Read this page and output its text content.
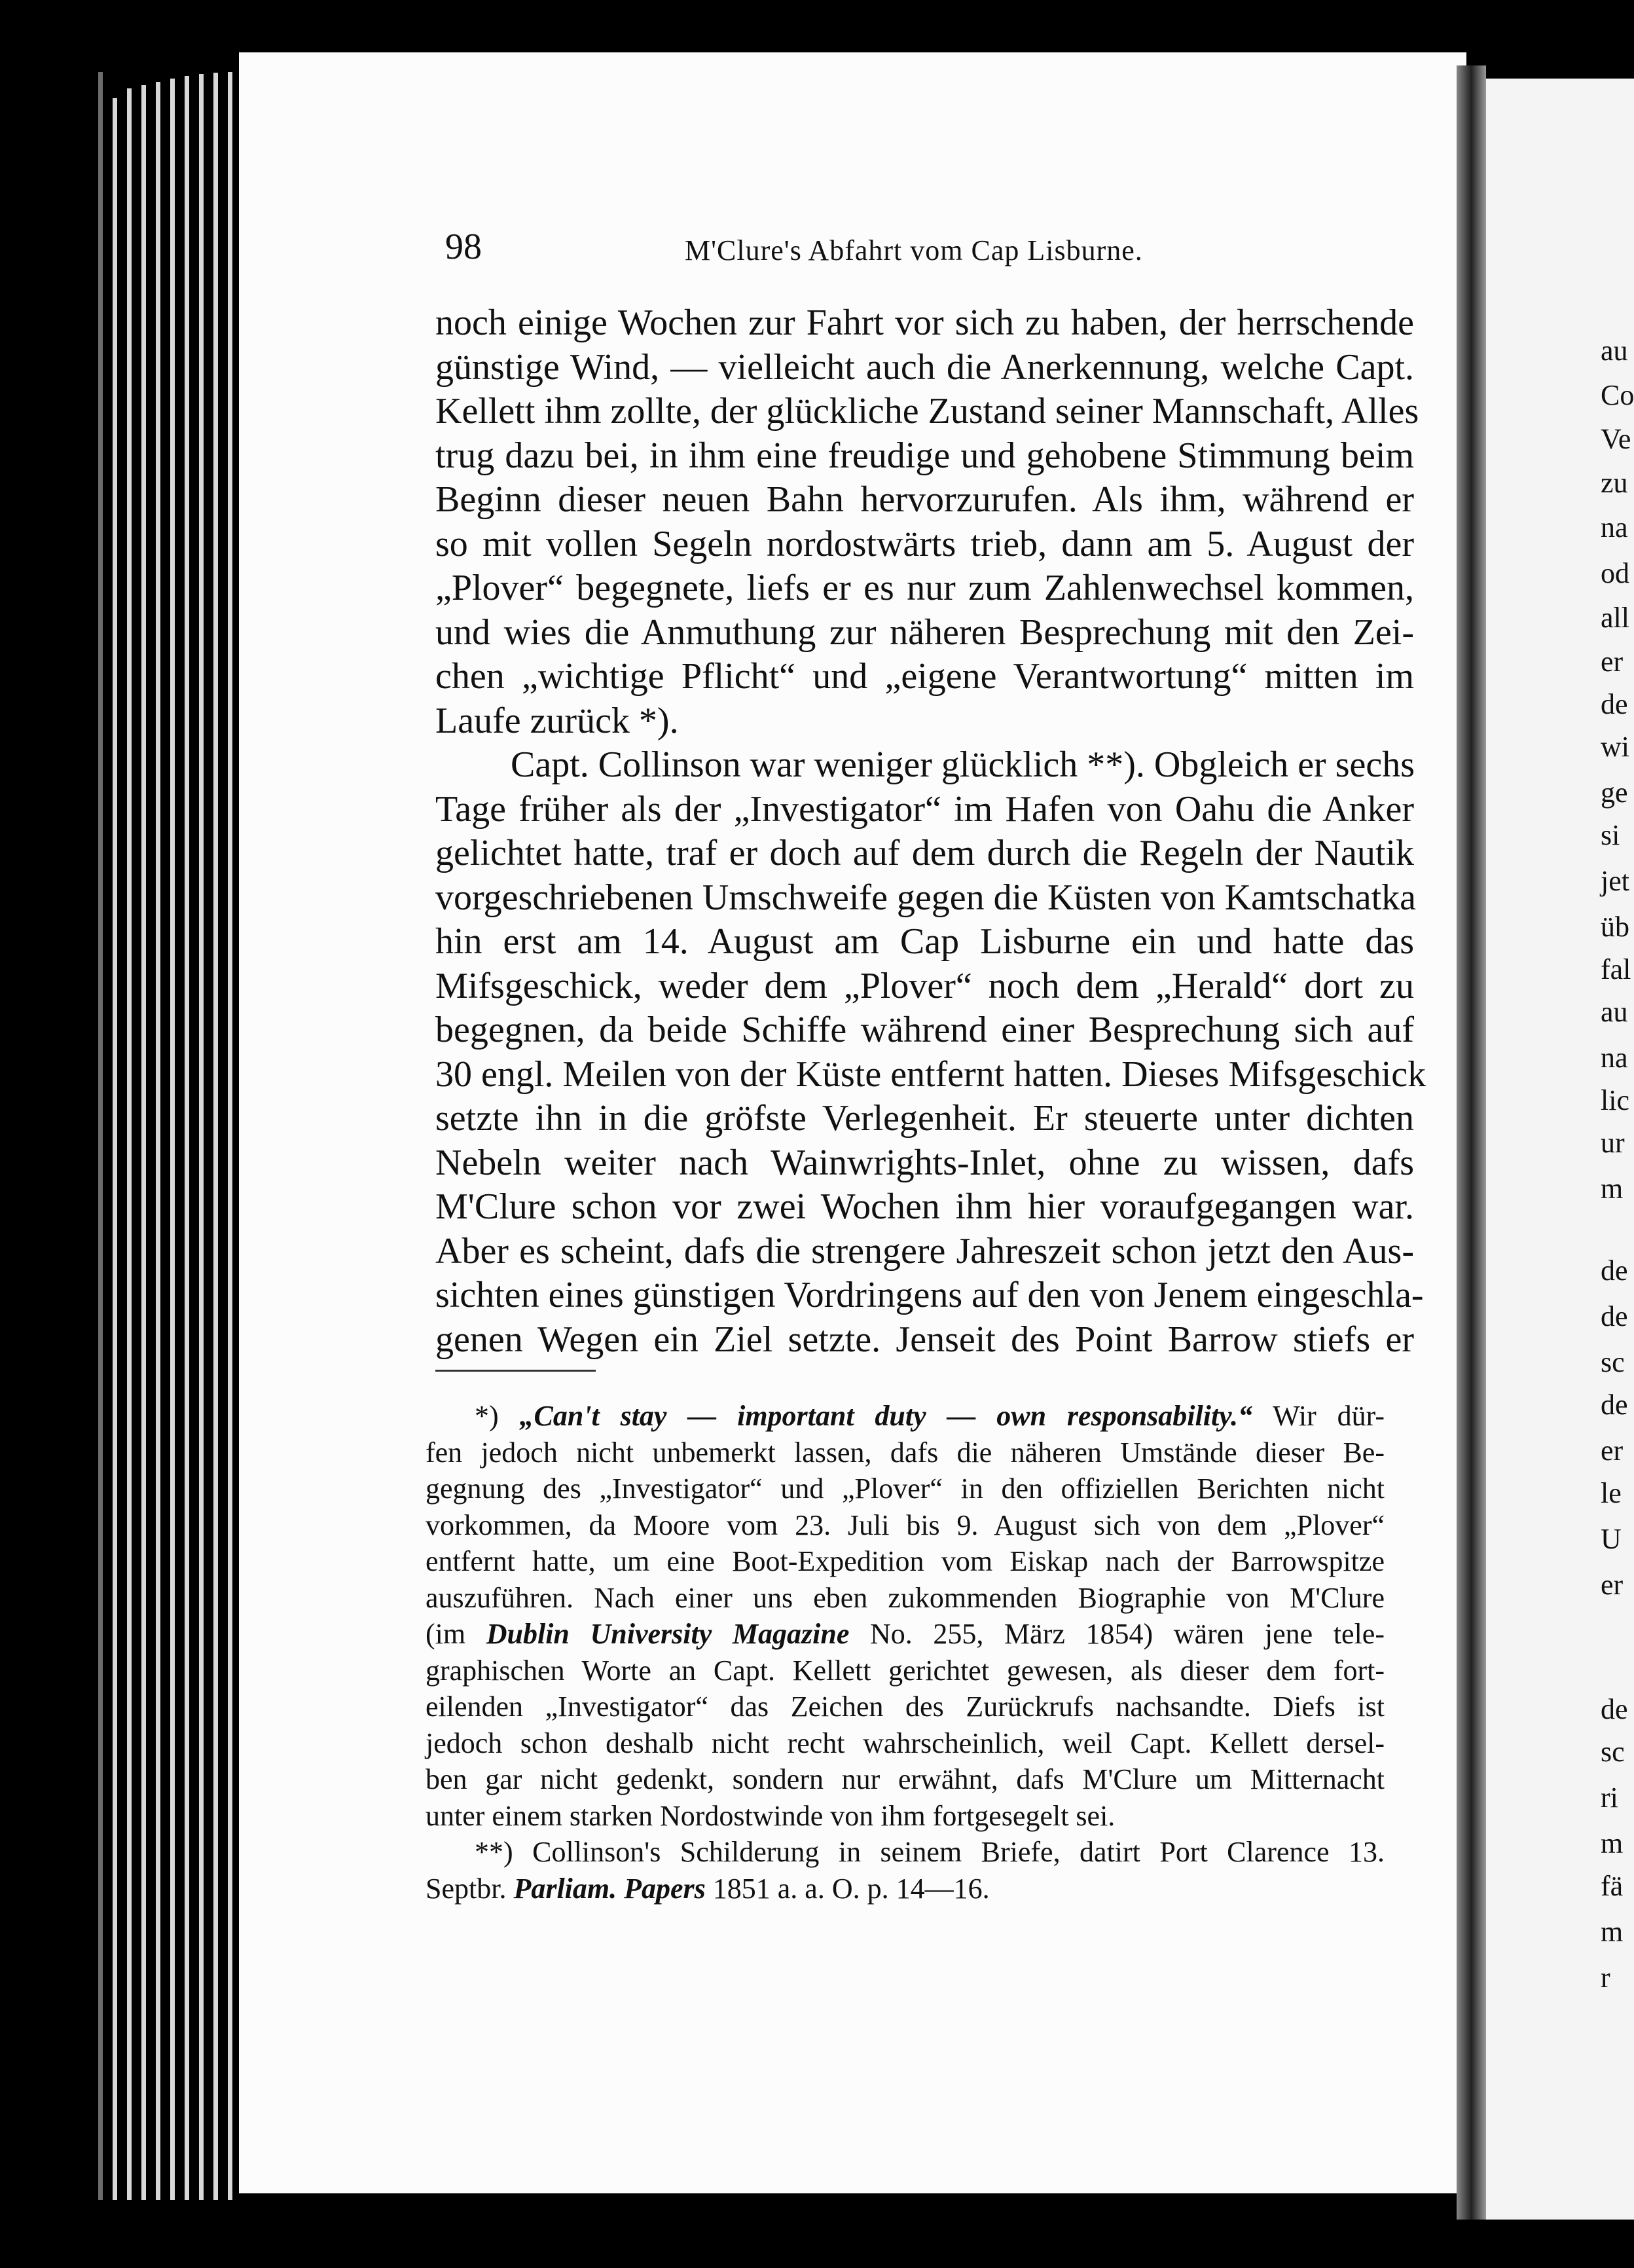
au
Co
Ve
zu
na
od
all
er
de
wi
ge
si
jet
üb
fal
au
na
lic
ur
m
de
de
sc
de
er
le
U
er
de
sc
ri
m
fä
m
r
98	M'Clure's Abfahrt vom Cap Lisburne.
noch einige Wochen zur Fahrt vor sich zu haben, der herrschende
günstige Wind, — vielleicht auch die Anerkennung, welche Capt.
Kellett ihm zollte, der glückliche Zustand seiner Mannschaft, Alles
trug dazu bei, in ihm eine freudige und gehobene Stimmung beim
Beginn dieser neuen Bahn hervorzurufen. Als ihm, während er
so mit vollen Segeln nordostwärts trieb, dann am 5. August der
„Plover“ begegnete, liefs er es nur zum Zahlenwechsel kommen,
und wies die Anmuthung zur näheren Besprechung mit den Zei-
chen „wichtige Pflicht“ und „eigene Verantwortung“ mitten im
Laufe zurück *).
Capt. Collinson war weniger glücklich **). Obgleich er sechs
Tage früher als der „Investigator“ im Hafen von Oahu die Anker
gelichtet hatte, traf er doch auf dem durch die Regeln der Nautik
vorgeschriebenen Umschweife gegen die Küsten von Kamtschatka
hin erst am 14. August am Cap Lisburne ein und hatte das
Mifsgeschick, weder dem „Plover“ noch dem „Herald“ dort zu
begegnen, da beide Schiffe während einer Besprechung sich auf
30 engl. Meilen von der Küste entfernt hatten. Dieses Mifsgeschick
setzte ihn in die gröfste Verlegenheit. Er steuerte unter dichten
Nebeln weiter nach Wainwrights-Inlet, ohne zu wissen, dafs
M'Clure schon vor zwei Wochen ihm hier voraufgegangen war.
Aber es scheint, dafs die strengere Jahreszeit schon jetzt den Aus-
sichten eines günstigen Vordringens auf den von Jenem eingeschla-
genen Wegen ein Ziel setzte. Jenseit des Point Barrow stiefs er
*) „Can't stay — important duty — own responsability.“ Wir dür-
fen jedoch nicht unbemerkt lassen, dafs die näheren Umstände dieser Be-
gegnung des „Investigator“ und „Plover“ in den offiziellen Berichten nicht
vorkommen, da Moore vom 23. Juli bis 9. August sich von dem „Plover“
entfernt hatte, um eine Boot-Expedition vom Eiskap nach der Barrowspitze
auszuführen. Nach einer uns eben zukommenden Biographie von M'Clure
(im Dublin University Magazine No. 255, März 1854) wären jene tele-
graphischen Worte an Capt. Kellett gerichtet gewesen, als dieser dem fort-
eilenden „Investigator“ das Zeichen des Zurückrufs nachsandte. Diefs ist
jedoch schon deshalb nicht recht wahrscheinlich, weil Capt. Kellett dersel-
ben gar nicht gedenkt, sondern nur erwähnt, dafs M'Clure um Mitternacht
unter einem starken Nordostwinde von ihm fortgesegelt sei.
**) Collinson's Schilderung in seinem Briefe, datirt Port Clarence 13.
Septbr. Parliam. Papers 1851 a. a. O. p. 14—16.
